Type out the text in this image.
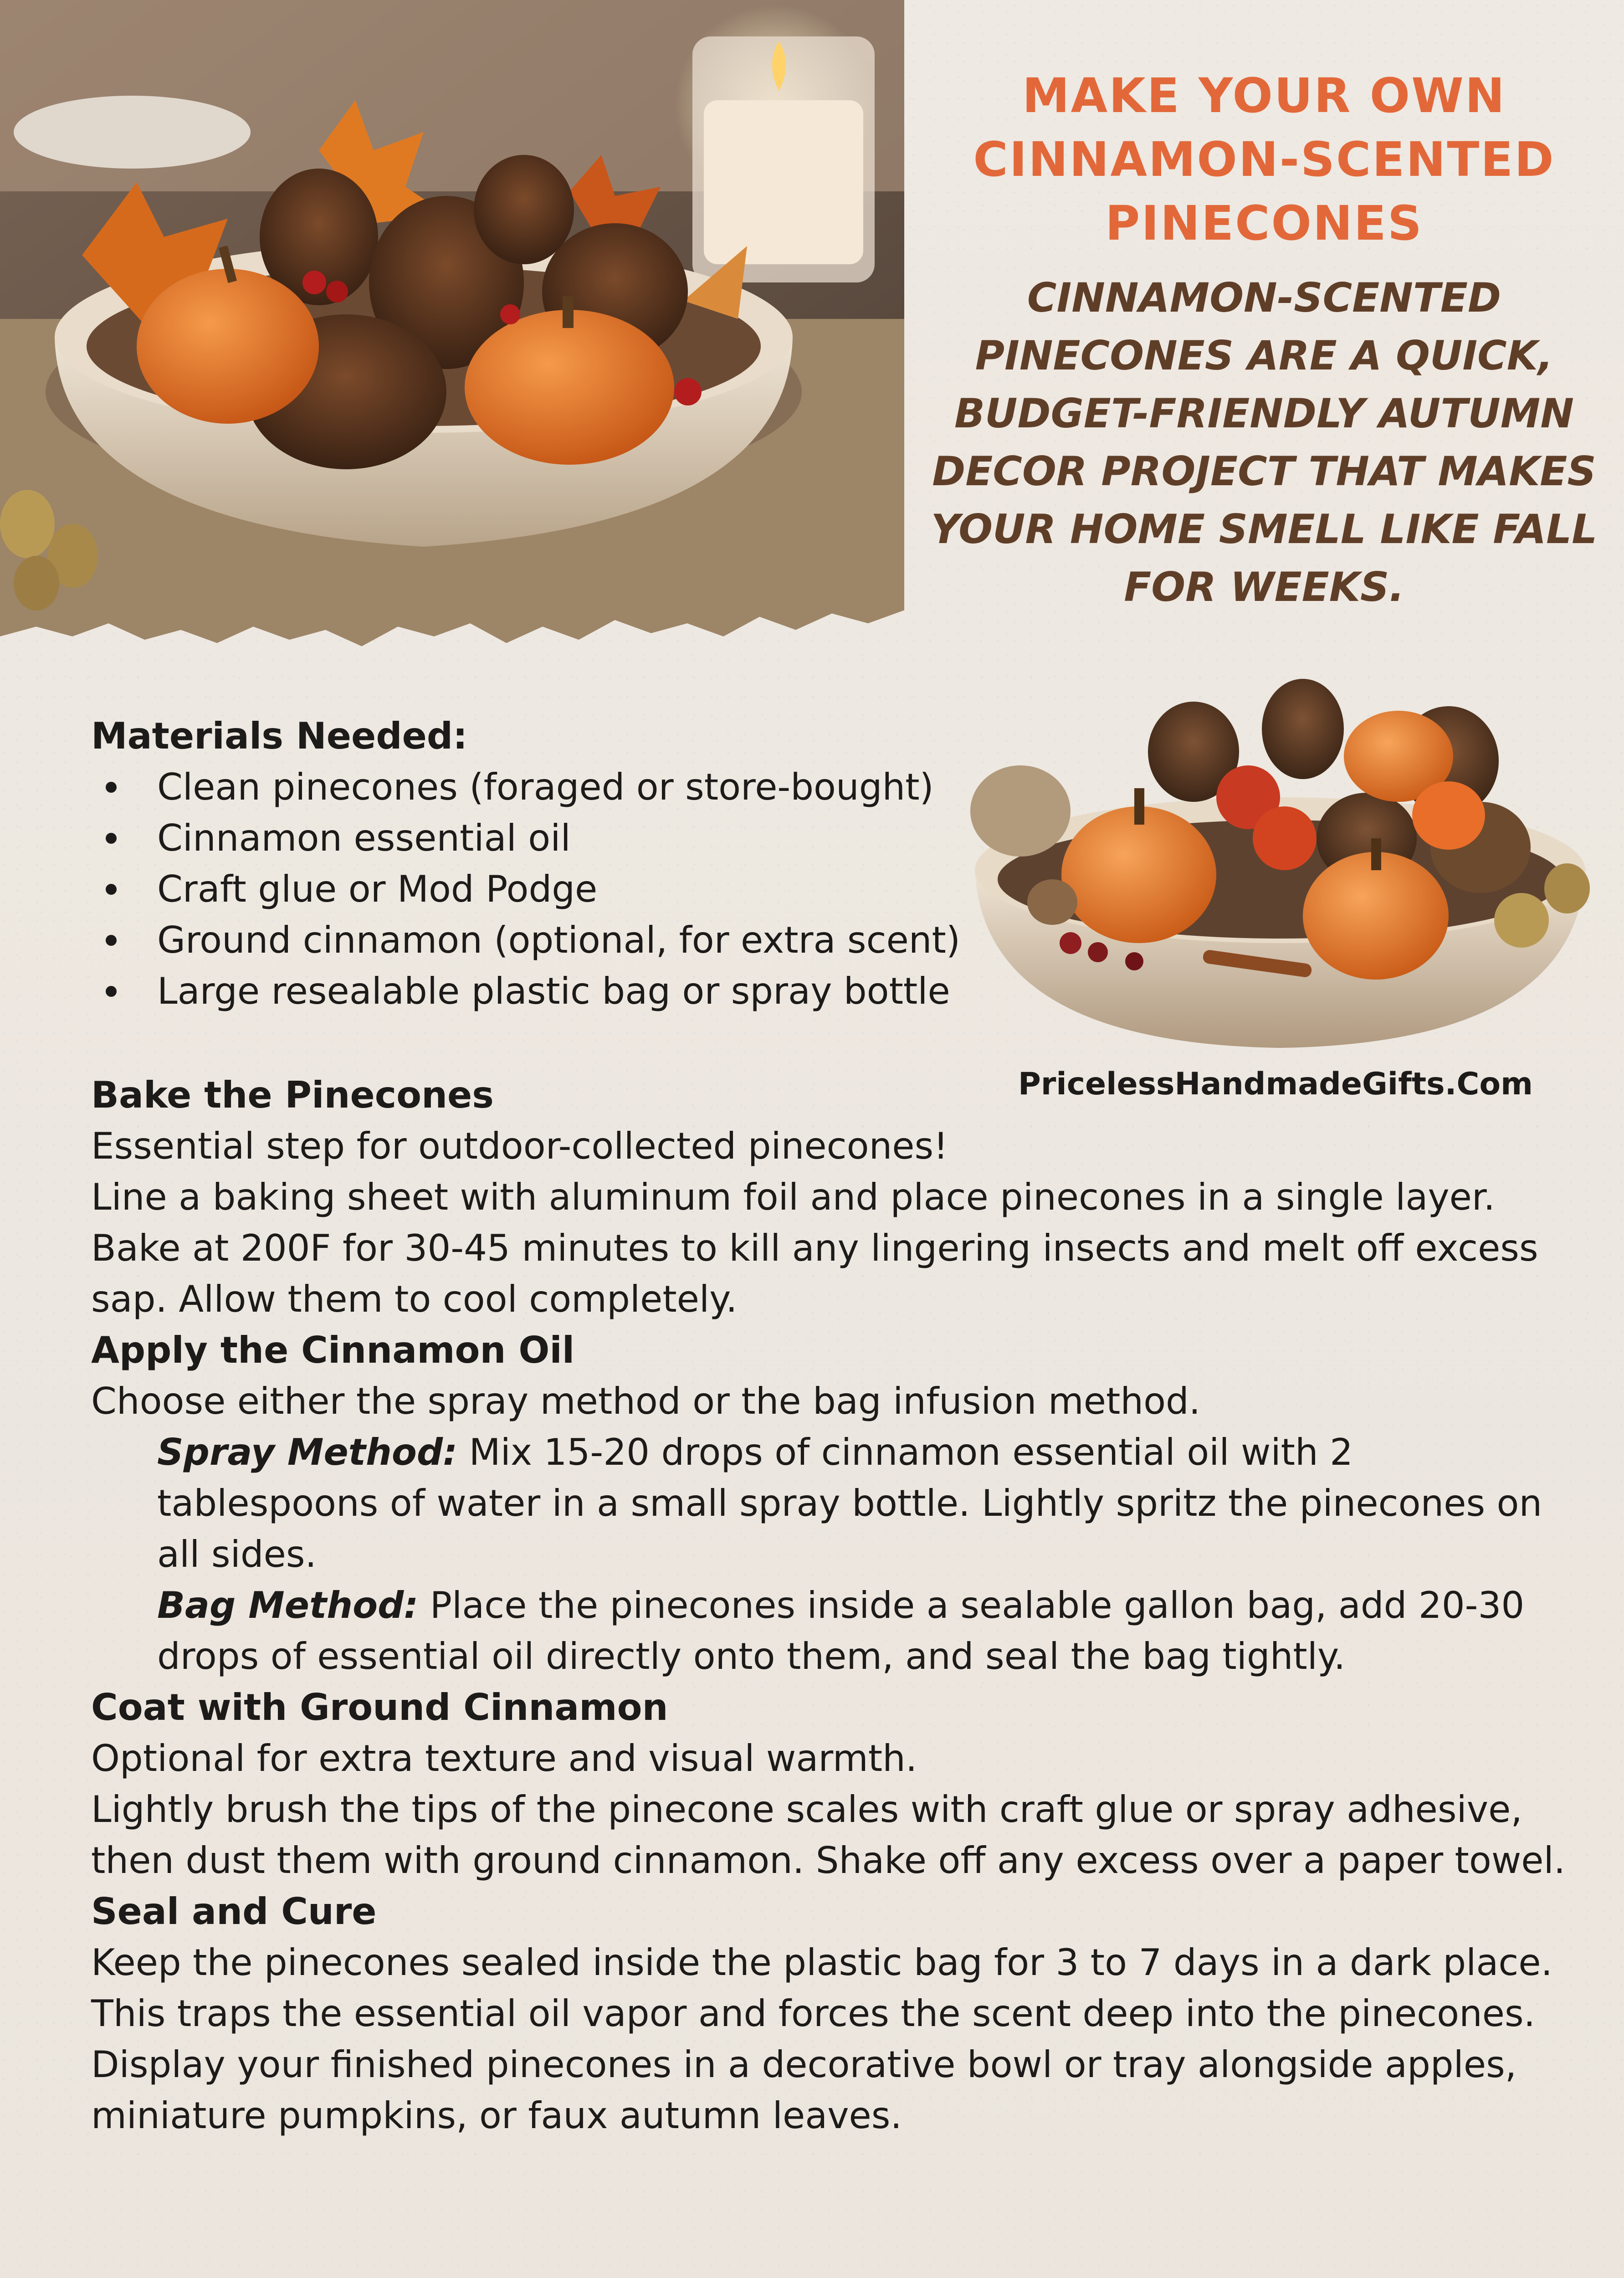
MAKE YOUR OWN CINNAMON-SCENTED PINECONES
CINNAMON-SCENTED PINECONES ARE A QUICK, BUDGET-FRIENDLY AUTUMN DECOR PROJECT THAT MAKES YOUR HOME SMELL LIKE FALL FOR WEEKS.

Materials Needed:

Clean pinecones (foraged or store-bought)
Cinnamon essential oil
Craft glue or Mod Podge
Ground cinnamon (optional, for extra scent)
Large resealable plastic bag or spray bottle
PricelessHandmadeGifts.Com

Bake the Pinecones

Essential step for outdoor-collected pinecones!

Line a baking sheet with aluminum foil and place pinecones in a single layer.

Bake at 200F for 30-45 minutes to kill any lingering insects and melt off excess sap. Allow them to cool completely.

Apply the Cinnamon Oil

Choose either the spray method or the bag infusion method.

Spray Method: Mix 15-20 drops of cinnamon essential oil with 2 tablespoons of water in a small spray bottle. Lightly spritz the pinecones on all sides.

Bag Method: Place the pinecones inside a sealable gallon bag, add 20-30 drops of essential oil directly onto them, and seal the bag tightly.

Coat with Ground Cinnamon

Optional for extra texture and visual warmth.

Lightly brush the tips of the pinecone scales with craft glue or spray adhesive, then dust them with ground cinnamon. Shake off any excess over a paper towel.

Seal and Cure

Keep the pinecones sealed inside the plastic bag for 3 to 7 days in a dark place. This traps the essential oil vapor and forces the scent deep into the pinecones.

Display your finished pinecones in a decorative bowl or tray alongside apples, miniature pumpkins, or faux autumn leaves.
